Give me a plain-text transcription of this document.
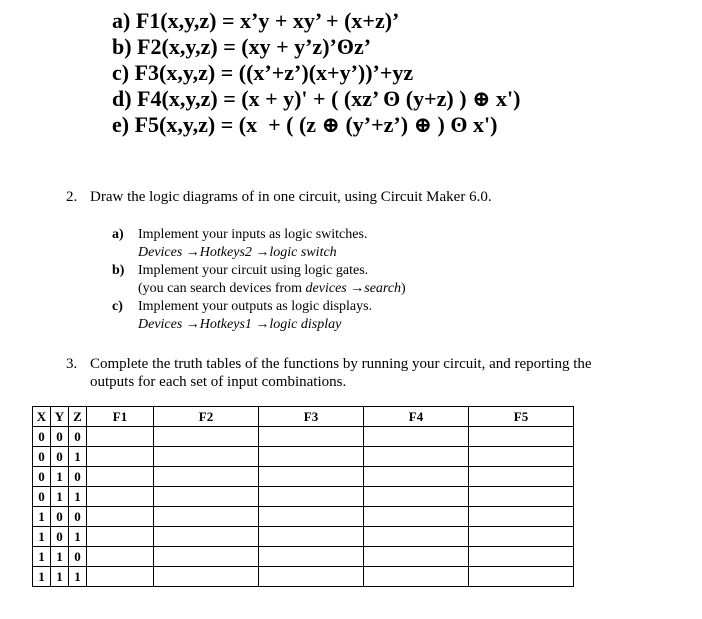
a) F1(x,y,z) = x’y + xy’ + (x+z)’
b) F2(x,y,z) = (xy + y’z)’ʘz’
c) F3(x,y,z) = ((x’+z’)(x+y’))’+yz
d) F4(x,y,z) = (x + y)' + ( (xz’ ʘ (y+z) ) ⊕ x')
e) F5(x,y,z) = (x  + ( (z ⊕ (y’+z’) ⊕ ) ʘ x')
2. Draw the logic diagrams of in one circuit, using Circuit Maker 6.0.
a) Implement your inputs as logic switches.
Devices →Hotkeys2 →logic switch
b) Implement your circuit using logic gates.
(you can search devices from devices →search)
c) Implement your outputs as logic displays.
Devices →Hotkeys1 →logic display
3. Complete the truth tables of the functions by running your circuit, and reporting the outputs for each set of input combinations.
X	Y	Z	F1	F2	F3	F4	F5
0	0	0					
0	0	1					
0	1	0					
0	1	1					
1	0	0					
1	0	1					
1	1	0					
1	1	1					
